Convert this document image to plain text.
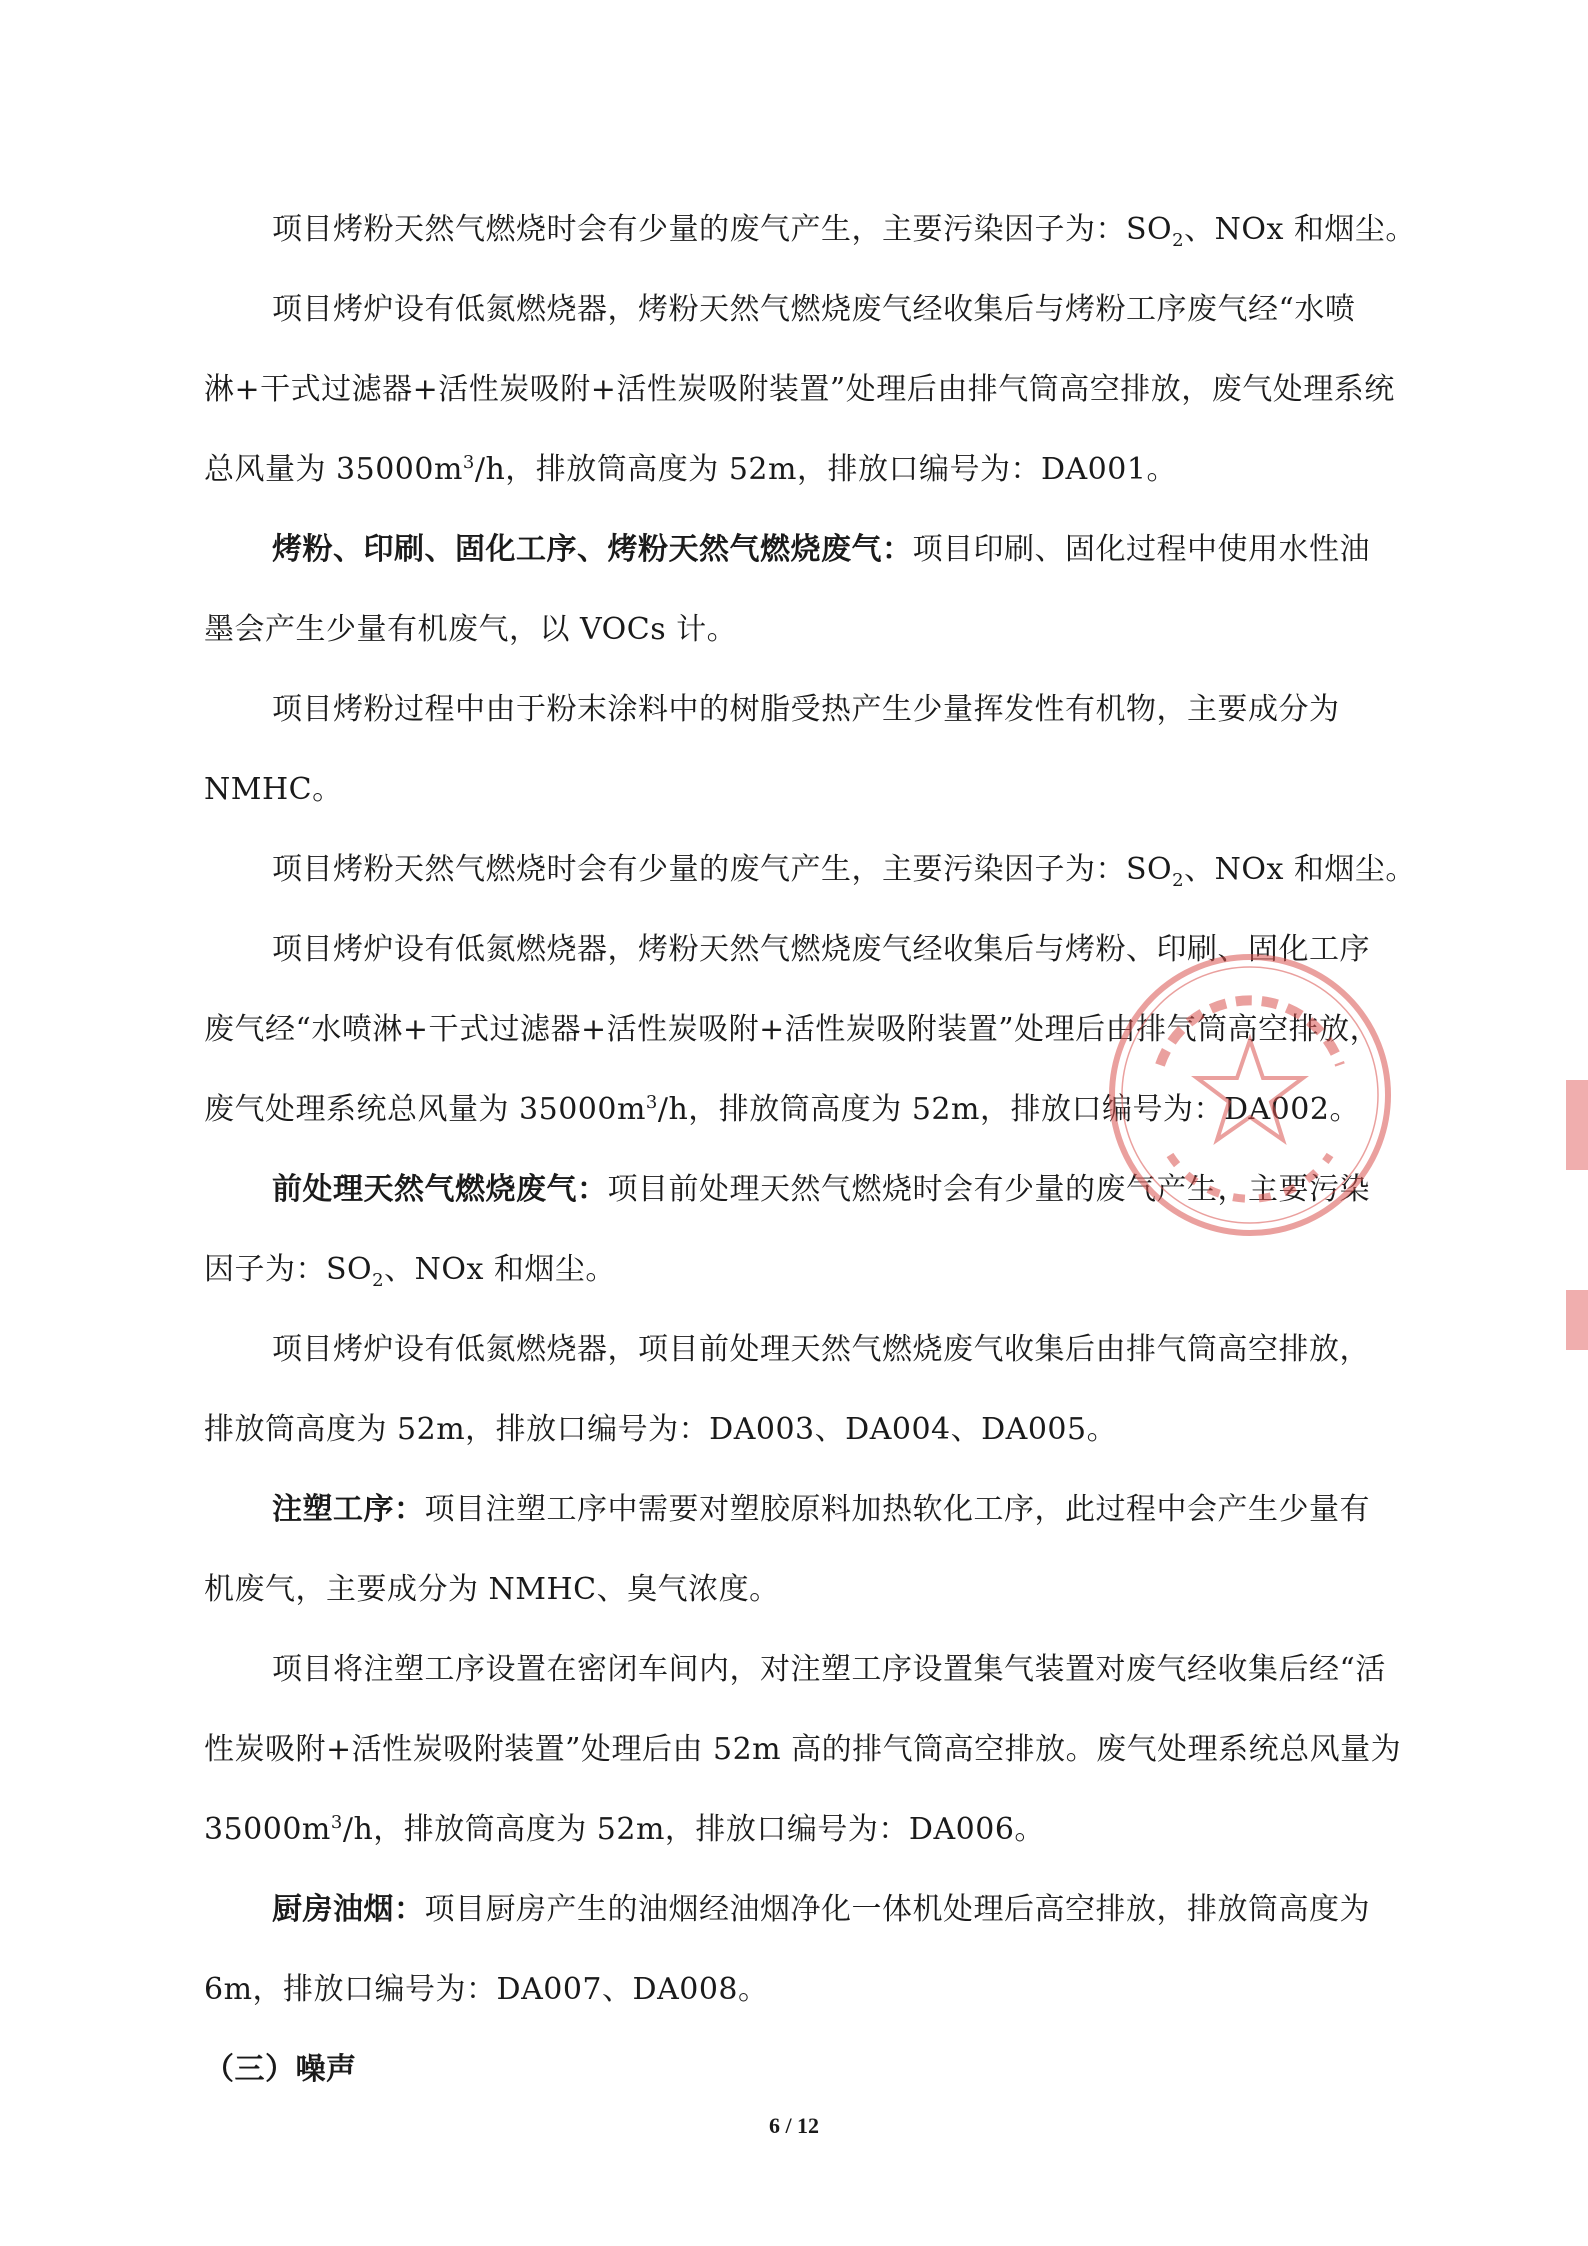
项目烤粉天然气燃烧时会有少量的废气产生，主要污染因子为：$SO_2$、NOx 和烟尘。
项目烤炉设有低氮燃烧器，烤粉天然气燃烧废气经收集后与烤粉工序废气经“水喷
淋+干式过滤器+活性炭吸附+活性炭吸附装置”处理后由排气筒高空排放，废气处理系统
总风量为 $35000m^3/h$，排放筒高度为 52m，排放口编号为：DA001。
烤粉、印刷、固化工序、烤粉天然气燃烧废气：项目印刷、固化过程中使用水性油
墨会产生少量有机废气，以 VOCs 计。
项目烤粉过程中由于粉末涂料中的树脂受热产生少量挥发性有机物，主要成分为
NMHC。
项目烤粉天然气燃烧时会有少量的废气产生，主要污染因子为：$SO_2$、NOx 和烟尘。
项目烤炉设有低氮燃烧器，烤粉天然气燃烧废气经收集后与烤粉、印刷、固化工序
废气经“水喷淋+干式过滤器+活性炭吸附+活性炭吸附装置”处理后由排气筒高空排放，
废气处理系统总风量为 $35000m^3/h$，排放筒高度为 52m，排放口编号为：DA002。
前处理天然气燃烧废气：项目前处理天然气燃烧时会有少量的废气产生，主要污染
因子为：$SO_2$、NOx 和烟尘。
项目烤炉设有低氮燃烧器，项目前处理天然气燃烧废气收集后由排气筒高空排放，
排放筒高度为 52m，排放口编号为：DA003、DA004、DA005。
注塑工序：项目注塑工序中需要对塑胶原料加热软化工序，此过程中会产生少量有
机废气，主要成分为 NMHC、臭气浓度。
项目将注塑工序设置在密闭车间内，对注塑工序设置集气装置对废气经收集后经“活
性炭吸附+活性炭吸附装置”处理后由 52m 高的排气筒高空排放。废气处理系统总风量为
$35000m^3/h$，排放筒高度为 52m，排放口编号为：DA006。
厨房油烟：项目厨房产生的油烟经油烟净化一体机处理后高空排放，排放筒高度为
6m，排放口编号为：DA007、DA008。
（三）噪声
6 / 12
